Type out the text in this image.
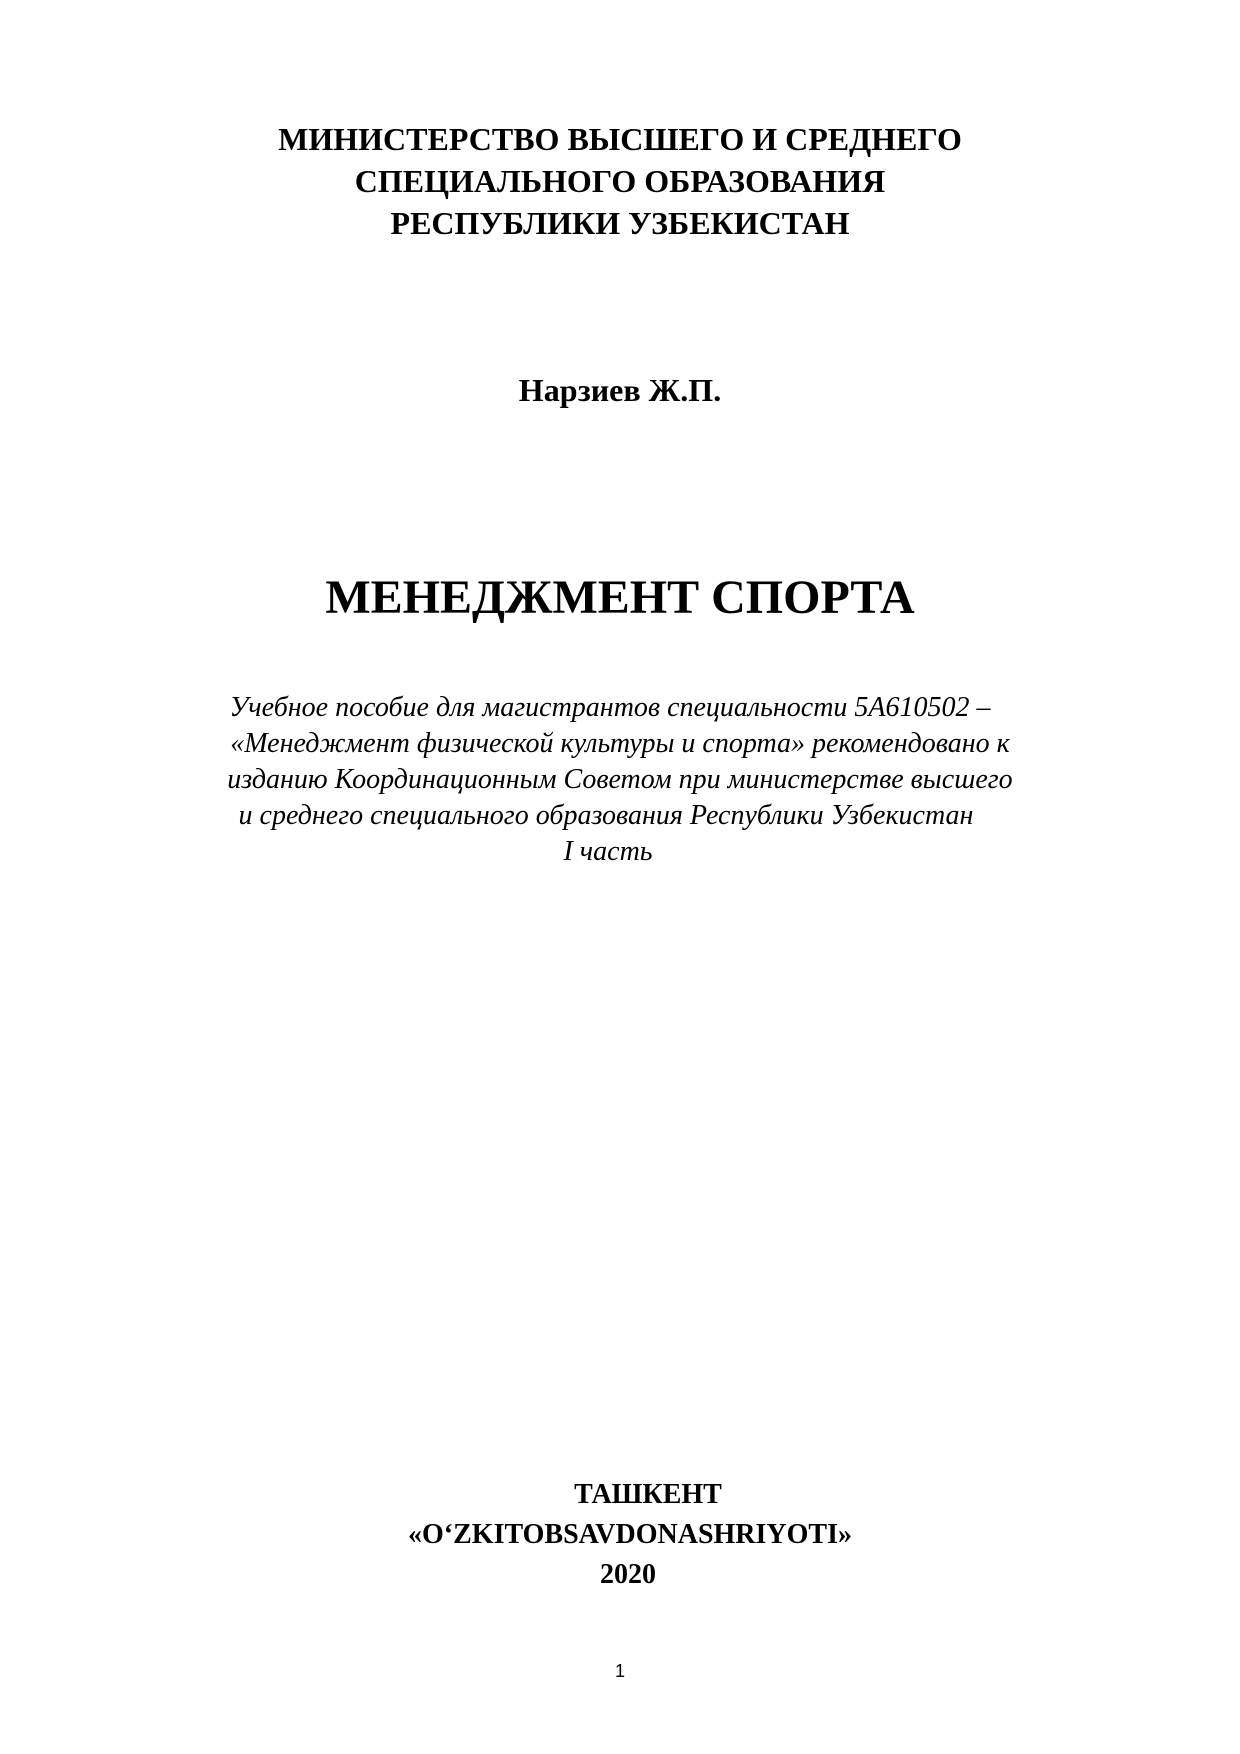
МИНИСТЕРСТВО ВЫСШЕГО И СРЕДНЕГО
СПЕЦИАЛЬНОГО ОБРАЗОВАНИЯ
РЕСПУБЛИКИ УЗБЕКИСТАН
Нарзиев Ж.П.
МЕНЕДЖМЕНТ СПОРТА
Учебное пособие для магистрантов специальности 5А610502 –
«Менеджмент физической культуры и спорта» рекомендовано к
изданию Координационным Советом при министерстве высшего
и среднего специального образования Республики Узбекистан
I часть
ТАШКЕНТ
«O‘ZKITOBSAVDONASHRIYOTI»
2020
1
